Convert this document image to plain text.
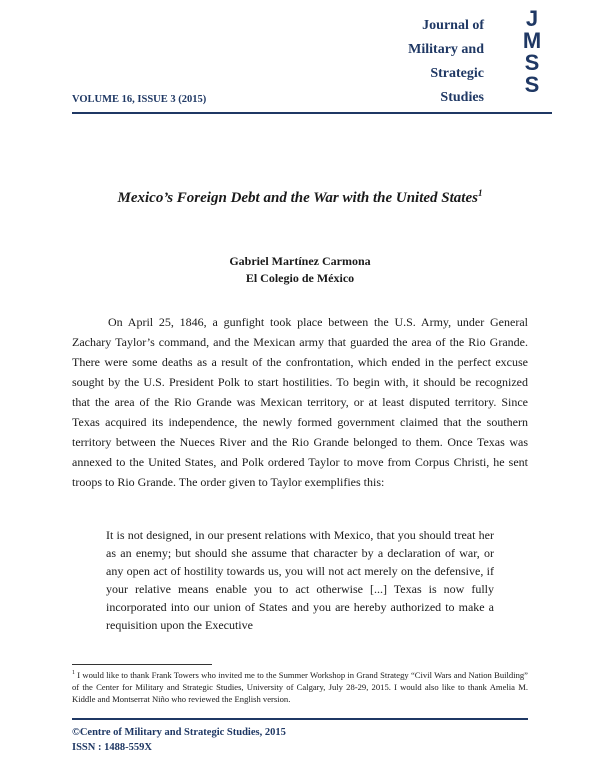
Journal of
Military and
Strategic
Studies
J
M
S
S
VOLUME 16, ISSUE 3 (2015)
Mexico’s Foreign Debt and the War with the United States$^1$
Gabriel Martínez Carmona
El Colegio de México

On April 25, 1846, a gunfight took place between the U.S. Army, under General Zachary Taylor’s command, and the Mexican army that guarded the area of the Rio Grande. There were some deaths as a result of the confrontation, which ended in the perfect excuse sought by the U.S. President Polk to start hostilities. To begin with, it should be recognized that the area of the Rio Grande was Mexican territory, or at least disputed territory. Since Texas acquired its independence, the newly formed government claimed that the southern territory between the Nueces River and the Rio Grande belonged to them. Once Texas was annexed to the United States, and Polk ordered Taylor to move from Corpus Christi, he sent troops to Rio Grande. The order given to Taylor exemplifies this:

It is not designed, in our present relations with Mexico, that you should treat her as an enemy; but should she assume that character by a declaration of war, or any open act of hostility towards us, you will not act merely on the defensive, if your relative means enable you to act otherwise [...] Texas is now fully incorporated into our union of States and you are hereby authorized to make a requisition upon the Executive

$^1$ I would like to thank Frank Towers who invited me to the Summer Workshop in Grand Strategy “Civil Wars and Nation Building” of the Center for Military and Strategic Studies, University of Calgary, July 28-29, 2015. I would also like to thank Amelia M. Kiddle and Montserrat Niño who reviewed the English version.

©Centre of Military and Strategic Studies, 2015
ISSN : 1488-559X
